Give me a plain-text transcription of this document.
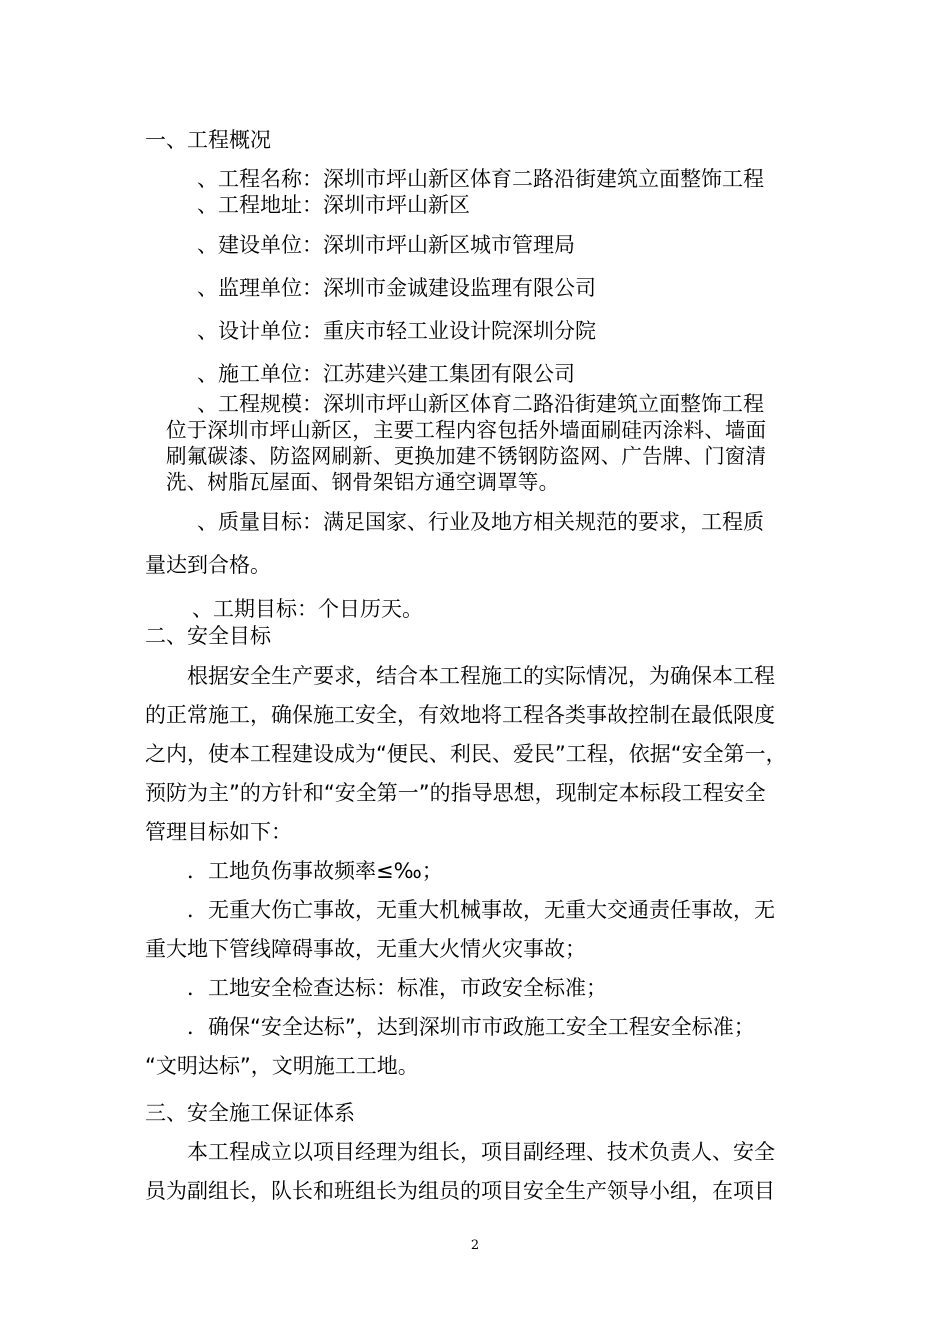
一、工程概况
、工程名称：深圳市坪山新区体育二路沿街建筑立面整饰工程
、工程地址：深圳市坪山新区
、建设单位：深圳市坪山新区城市管理局
、监理单位：深圳市金诚建设监理有限公司
、设计单位：重庆市轻工业设计院深圳分院
、施工单位：江苏建兴建工集团有限公司
、工程规模：深圳市坪山新区体育二路沿街建筑立面整饰工程
位于深圳市坪山新区，主要工程内容包括外墙面刷硅丙涂料、墙面
刷氟碳漆、防盗网刷新、更换加建不锈钢防盗网、广告牌、门窗清
洗、树脂瓦屋面、钢骨架铝方通空调罩等。
、质量目标：满足国家、行业及地方相关规范的要求，工程质
量达到合格。
、工期目标：个日历天。
二、安全目标
根据安全生产要求，结合本工程施工的实际情况，为确保本工程
的正常施工，确保施工安全，有效地将工程各类事故控制在最低限度
之内，使本工程建设成为“便民、利民、爱民”工程，依据“安全第一，
预防为主”的方针和“安全第一”的指导思想，现制定本标段工程安全
管理目标如下：
．工地负伤事故频率≤‰；
．无重大伤亡事故，无重大机械事故，无重大交通责任事故，无
重大地下管线障碍事故，无重大火情火灾事故；
．工地安全检查达标：标准，市政安全标准；
．确保“安全达标”，达到深圳市市政施工安全工程安全标准；
“文明达标”，文明施工工地。
三、安全施工保证体系
本工程成立以项目经理为组长，项目副经理、技术负责人、安全
员为副组长，队长和班组长为组员的项目安全生产领导小组，在项目
2
